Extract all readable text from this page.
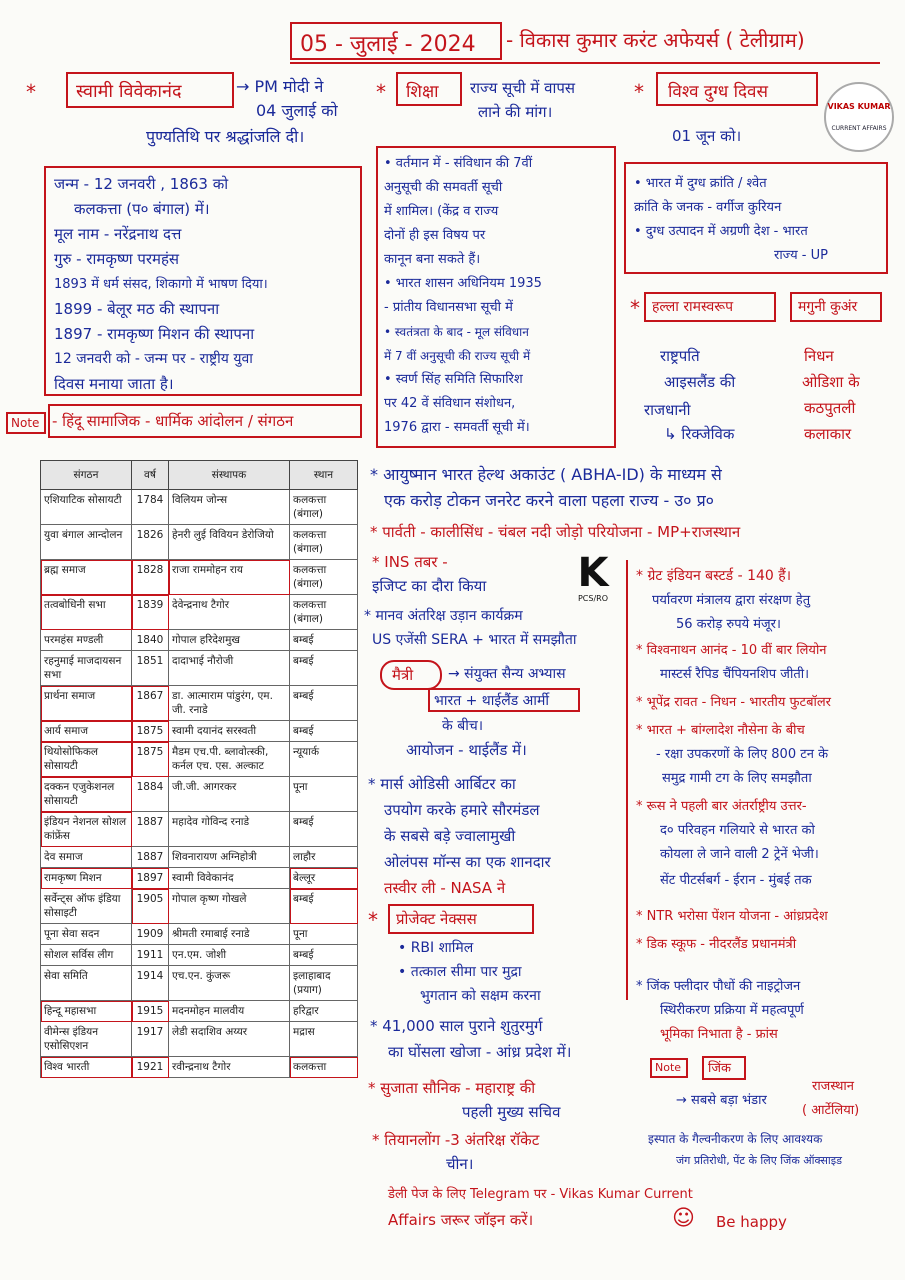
05 - जुलाई - 2024 - विकास कुमार करंट अफेयर्स ( टेलीग्राम)
* स्वामी विवेकानंद	→ PM मोदी ने
04 जुलाई को
पुण्यतिथि पर श्रद्धांजलि दी।
जन्म - 12 जनवरी , 1863 को
कलकत्ता (प० बंगाल) में।
मूल नाम - नरेंद्रनाथ दत्त
गुरु - रामकृष्ण परमहंस
1893 में धर्म संसद, शिकागो में भाषण दिया।
1899 - बेलूर मठ की स्थापना
1897 - रामकृष्ण मिशन की स्थापना
12 जनवरी को - जन्म पर - राष्ट्रीय युवा
दिवस मनाया जाता है।
* शिक्षा राज्य सूची में वापस
लाने की मांग।
• वर्तमान में - संविधान की 7वीं
अनुसूची की समवर्ती सूची
में शामिल। (केंद्र व राज्य
दोनों ही इस विषय पर
कानून बना सकते हैं।
• भारत शासन अधिनियम 1935
- प्रांतीय विधानसभा सूची में
• स्वतंत्रता के बाद - मूल संविधान
में 7 वीं अनुसूची की राज्य सूची में
• स्वर्ण सिंह समिति सिफारिश
पर 42 वें संविधान संशोधन,
1976 द्वारा - समवर्ती सूची में।
* विश्व दुग्ध दिवस
VIKAS KUMAR
CURRENT AFFAIRS
01 जून को।
• भारत में दुग्ध क्रांति / श्वेत
क्रांति के जनक - वर्गीज कुरियन
• दुग्ध उत्पादन में अग्रणी देश - भारत
राज्य - UP
* हल्ला रामस्वरूप
राष्ट्रपति
आइसलैंड की
राजधानी
↳ रिक्जेविक
मगुनी कुअंर
निधन
ओडिशा के
कठपुतली
कलाकार
Note - हिंदू सामाजिक - धार्मिक आंदोलन / संगठन
संगठन	वर्ष	संस्थापक	स्थान
एशियाटिक सोसायटी	1784	विलियम जोन्स	कलकत्ता (बंगाल)
युवा बंगाल आन्दोलन	1826	हेनरी लुई विवियन डेरोजियो	कलकत्ता (बंगाल)
ब्रह्म समाज	1828	राजा राममोहन राय	कलकत्ता (बंगाल)
तत्वबोधिनी सभा	1839	देवेन्द्रनाथ टैगोर	कलकत्ता (बंगाल)
परमहंस मण्डली	1840	गोपाल हरिदेशमुख	बम्बई
रहनुमाई माजदायसन सभा	1851	दादाभाई नौरोजी	बम्बई
प्रार्थना समाज	1867	डा. आत्माराम पांडुरंग, एम. जी. रनाडे	बम्बई
आर्य समाज	1875	स्वामी दयानंद सरस्वती	बम्बई
थियोसोफिकल सोसायटी	1875	मैडम एच.पी. ब्लावोत्स्की, कर्नल एच. एस. अल्काट	न्यूयार्क
दक्कन एजुकेशनल सोसायटी	1884	जी.जी. आगरकर	पूना
इंडियन नेशनल सोशल कांफ्रेंस	1887	महादेव गोविन्द रनाडे	बम्बई
देव समाज	1887	शिवनारायण अग्निहोत्री	लाहौर
रामकृष्ण मिशन	1897	स्वामी विवेकानंद	बेल्लूर
सर्वेन्ट्स ऑफ इंडिया सोसाइटी	1905	गोपाल कृष्ण गोखले	बम्बई
पूना सेवा सदन	1909	श्रीमती रमाबाई रनाडे	पूना
सोशल सर्विस लीग	1911	एन.एम. जोशी	बम्बई
सेवा समिति	1914	एच.एन. कुंजरू	इलाहाबाद (प्रयाग)
हिन्दू महासभा	1915	मदनमोहन मालवीय	हरिद्वार
वीमेन्स इंडियन एसोसिएशन	1917	लेडी सदाशिव अय्यर	मद्रास
विश्व भारती	1921	रवीन्द्रनाथ टैगोर	कलकत्ता
* आयुष्मान भारत हेल्थ अकाउंट ( ABHA-ID) के माध्यम से
एक करोड़ टोकन जनरेट करने वाला पहला राज्य - उ० प्र०
* पार्वती - कालीसिंध - चंबल नदी जोड़ो परियोजना - MP+राजस्थान
* INS तबर -
इजिप्ट का दौरा किया K
PCS/RO
* मानव अंतरिक्ष उड़ान कार्यक्रम
US एजेंसी SERA + भारत में समझौता
मैत्री → संयुक्त सैन्य अभ्यास
भारत + थाईलैंड आर्मी
के बीच।
आयोजन - थाईलैंड में।
* मार्स ओडिसी आर्बिटर का
उपयोग करके हमारे सौरमंडल
के सबसे बड़े ज्वालामुखी
ओलंपस मॉन्स का एक शानदार
तस्वीर ली - NASA ने
* प्रोजेक्ट नेक्सस
• RBI शामिल
• तत्काल सीमा पार मुद्रा
भुगतान को सक्षम करना
* 41,000 साल पुराने शुतुरमुर्ग
का घोंसला खोजा - आंध्र प्रदेश में।
* सुजाता सौनिक - महाराष्ट्र की
पहली मुख्य सचिव
* तियानलोंग -3 अंतरिक्ष रॉकेट
चीन।
डेली पेज के लिए Telegram पर - Vikas Kumar Current
Affairs जरूर जॉइन करें।	☺ Be happy
* ग्रेट इंडियन बस्टर्ड - 140 हैं।
पर्यावरण मंत्रालय द्वारा संरक्षण हेतु
56 करोड़ रुपये मंजूर।
* विश्वनाथन आनंद - 10 वीं बार लियोन
मास्टर्स रैपिड चैंपियनशिप जीती।
* भूपेंद्र रावत - निधन - भारतीय फुटबॉलर
* भारत + बांग्लादेश नौसेना के बीच
- रक्षा उपकरणों के लिए 800 टन के
समुद्र गामी टग के लिए समझौता
* रूस ने पहली बार अंतर्राष्ट्रीय उत्तर-
द० परिवहन गलियारे से भारत को
कोयला ले जाने वाली 2 ट्रेनें भेजी।
सेंट पीटर्सबर्ग - ईरान - मुंबई तक
* NTR भरोसा पेंशन योजना - आंध्रप्रदेश
* डिक स्कूफ - नीदरलैंड प्रधानमंत्री
* जिंक फ्लीदार पौधों की नाइट्रोजन
स्थिरीकरण प्रक्रिया में महत्वपूर्ण
भूमिका निभाता है - फ्रांस
Note जिंक
→ सबसे बड़ा भंडार
राजस्थान
( आर्टेलिया)
इस्पात के गैल्वनीकरण के लिए आवश्यक
जंग प्रतिरोधी, पेंट के लिए जिंक ऑक्साइड
